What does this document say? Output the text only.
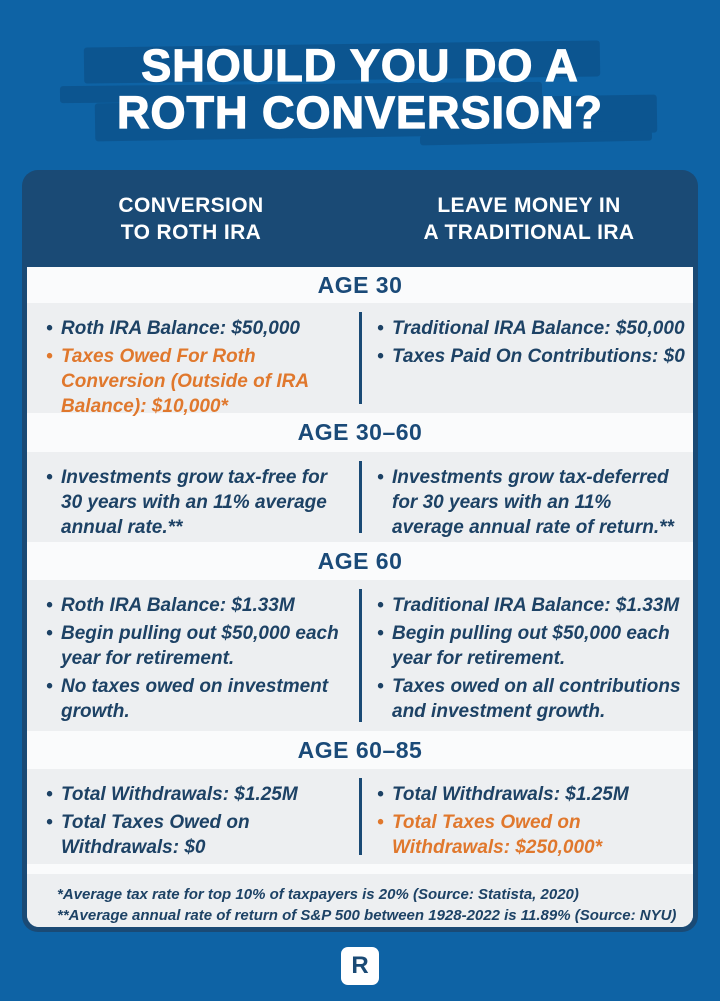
SHOULD YOU DO A
ROTH CONVERSION?
CONVERSION
TO ROTH IRA
LEAVE MONEY IN
A TRADITIONAL IRA
AGE 30
• Roth IRA Balance: $50,000
• Taxes Owed For Roth Conversion (Outside of IRA Balance): $10,000*
• Traditional IRA Balance: $50,000
• Taxes Paid On Contributions: $0
AGE 30–60
• Investments grow tax-free for 30 years with an 11% average annual rate.**
• Investments grow tax-deferred for 30 years with an 11% average annual rate of return.**
AGE 60
• Roth IRA Balance: $1.33M
• Begin pulling out $50,000 each year for retirement.
• No taxes owed on investment growth.
• Traditional IRA Balance: $1.33M
• Begin pulling out $50,000 each year for retirement.
• Taxes owed on all contributions and investment growth.
AGE 60–85
• Total Withdrawals: $1.25M
• Total Taxes Owed on Withdrawals: $0
• Total Withdrawals: $1.25M
• Total Taxes Owed on Withdrawals: $250,000*
*Average tax rate for top 10% of taxpayers is 20% (Source: Statista, 2020)
**Average annual rate of return of S&P 500 between 1928-2022 is 11.89% (Source: NYU)
R
